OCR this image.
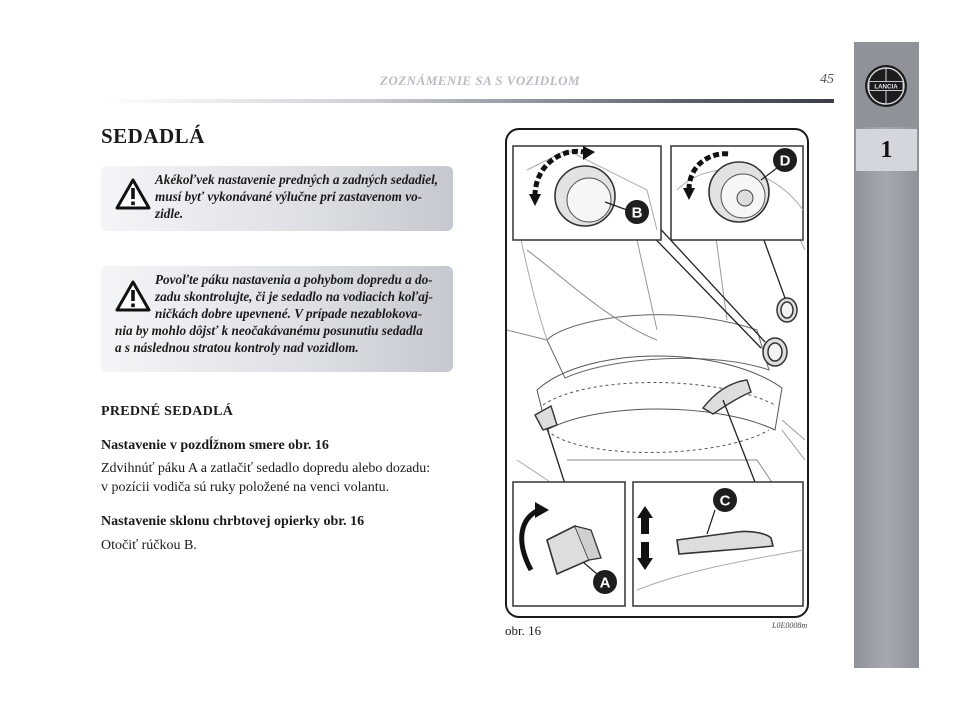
ZOZNÁMENIE SA S VOZIDLOM	45
LANCIA
1
SEDADLÁ
Akékoľvek nastavenie predných a zadných sedadiel,
musí byť vykonávané výlučne pri zastavenom vo-
zidle.
Povoľte páku nastavenia a pohybom dopredu a do-
zadu skontrolujte, či je sedadlo na vodiacich koľaj-
ničkách dobre upevnené. V prípade nezablokova-
nia by mohlo dôjsť k neočakávanému posunutiu sedadla
a s následnou stratou kontroly nad vozidlom.
PREDNÉ SEDADLÁ
Nastavenie v pozdĺžnom smere obr. 16
Zdvihnúť páku A a zatlačiť sedadlo dopredu alebo dozadu:
v pozícii vodiča sú ruky položené na venci volantu.
Nastavenie sklonu chrbtovej opierky obr. 16
Otočiť rúčkou B.
B
D
A
C
obr. 16	L0E0008m
